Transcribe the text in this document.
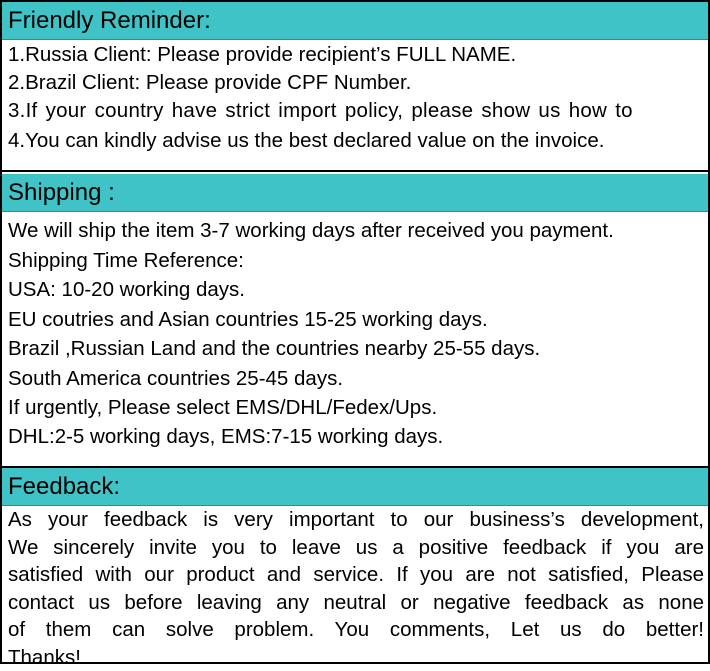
Friendly Reminder:
1.Russia Client: Please provide recipient’s FULL NAME.
2.Brazil Client: Please provide CPF Number.
3.If your country have strict import policy, please show us how to
4.You can kindly advise us the best declared value on the invoice.
Shipping :
We will ship the item 3-7 working days after received you payment.
Shipping Time Reference:
USA: 10-20 working days.
EU coutries and Asian countries 15-25 working days.
Brazil ,Russian Land and the countries nearby 25-55 days.
South America countries 25-45 days.
If urgently, Please select EMS/DHL/Fedex/Ups.
DHL:2-5 working days, EMS:7-15 working days.
Feedback:
As your feedback is very important to our business’s development,
We sincerely invite you to leave us a positive feedback if you are
satisfied with our product and service. If you are not satisfied, Please
contact us before leaving any neutral or negative feedback as none
of them can solve problem. You comments, Let us do better!
Thanks!
